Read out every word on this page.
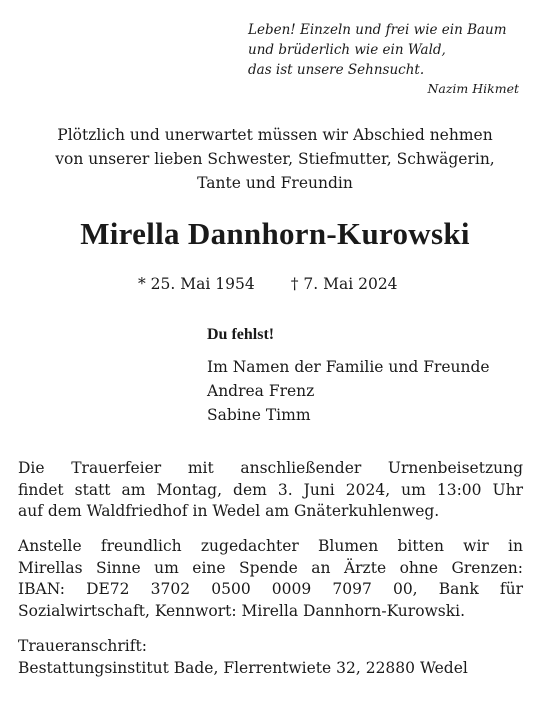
Leben! Einzeln und frei wie ein Baum
und brüderlich wie ein Wald,
das ist unsere Sehnsucht.
Nazim Hikmet
Plötzlich und unerwartet müssen wir Abschied nehmen
von unserer lieben Schwester, Stiefmutter, Schwägerin,
Tante und Freundin
Mirella Dannhorn-Kurowski
* 25. Mai 1954 † 7. Mai 2024
Du fehlst!
Im Namen der Familie und Freunde
Andrea Frenz
Sabine Timm
Die Trauerfeier mit anschließender Urnenbeisetzung
findet statt am Montag, dem 3. Juni 2024, um 13:00 Uhr
auf dem Waldfriedhof in Wedel am Gnäterkuhlenweg.
Anstelle freundlich zugedachter Blumen bitten wir in
Mirellas Sinne um eine Spende an Ärzte ohne Grenzen:
IBAN: DE72 3702 0500 0009 7097 00, Bank für
Sozialwirtschaft, Kennwort: Mirella Dannhorn-Kurowski.
Traueranschrift:
Bestattungsinstitut Bade, Flerrentwiete 32, 22880 Wedel
